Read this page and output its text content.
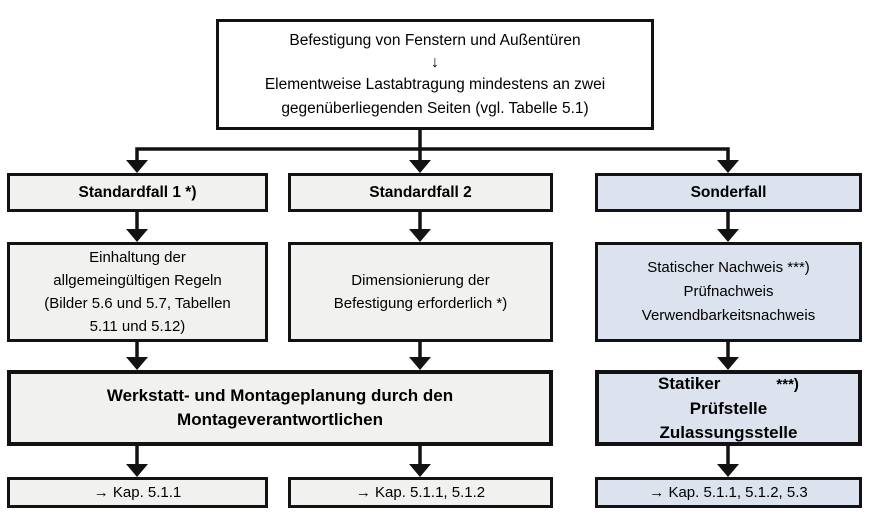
Befestigung von Fenstern und Außentüren
↓
Elementweise Lastabtragung mindestens an zwei
gegenüberliegenden Seiten (vgl. Tabelle 5.1)
Standardfall 1 *)	Standardfall 2	Sonderfall
Einhaltung der
allgemeingültigen Regeln
(Bilder 5.6 und 5.7, Tabellen
5.11 und 5.12)
Dimensionierung der
Befestigung erforderlich *)
Statischer Nachweis ***)
Prüfnachweis
Verwendbarkeitsnachweis
Werkstatt- und Montageplanung durch den
Montageverantwortlichen
Statiker	***)
Prüfstelle
Zulassungsstelle
→ Kap. 5.1.1	→ Kap. 5.1.1, 5.1.2	→ Kap. 5.1.1, 5.1.2, 5.3
